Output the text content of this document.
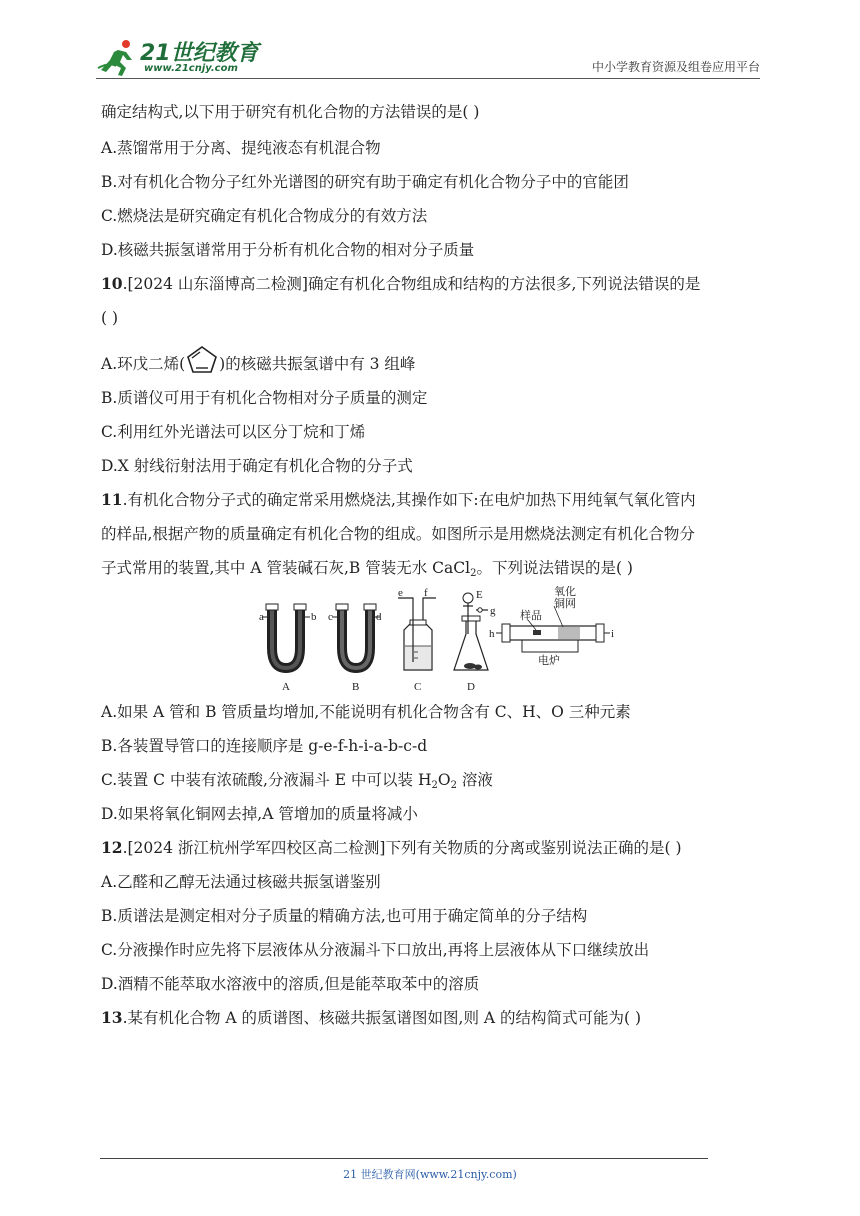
21世纪教育
www.21cnjy.com	中小学教育资源及组卷应用平台
确定结构式,以下用于研究有机化合物的方法错误的是( )
A.蒸馏常用于分离、提纯液态有机混合物
B.对有机化合物分子红外光谱图的研究有助于确定有机化合物分子中的官能团
C.燃烧法是研究确定有机化合物成分的有效方法
D.核磁共振氢谱常用于分析有机化合物的相对分子质量
10.[2024 山东淄博高二检测]确定有机化合物组成和结构的方法很多,下列说法错误的是
( )
A.环戊二烯( )的核磁共振氢谱中有 3 组峰
B.质谱仪可用于有机化合物相对分子质量的测定
C.利用红外光谱法可以区分丁烷和丁烯
D.X 射线衍射法用于确定有机化合物的分子式
11.有机化合物分子式的确定常采用燃烧法,其操作如下:在电炉加热下用纯氧气氧化管内
的样品,根据产物的质量确定有机化合物的组成。如图所示是用燃烧法测定有机化合物分
子式常用的装置,其中 A 管装碱石灰,B 管装无水 CaCl$_2$。下列说法错误的是( )
a	b
A
c	d
B
e f
C
E
g
D
h	i
样品
氧化
铜网
电炉
A.如果 A 管和 B 管质量均增加,不能说明有机化合物含有 C、H、O 三种元素
B.各装置导管口的连接顺序是 g-e-f-h-i-a-b-c-d
C.装置 C 中装有浓硫酸,分液漏斗 E 中可以装 $H_2O_2$ 溶液
D.如果将氧化铜网去掉,A 管增加的质量将减小
12.[2024 浙江杭州学军四校区高二检测]下列有关物质的分离或鉴别说法正确的是( )
A.乙醛和乙醇无法通过核磁共振氢谱鉴别
B.质谱法是测定相对分子质量的精确方法,也可用于确定简单的分子结构
C.分液操作时应先将下层液体从分液漏斗下口放出,再将上层液体从下口继续放出
D.酒精不能萃取水溶液中的溶质,但是能萃取苯中的溶质
13.某有机化合物 A 的质谱图、核磁共振氢谱图如图,则 A 的结构简式可能为( )
21 世纪教育网(www.21cnjy.com)
